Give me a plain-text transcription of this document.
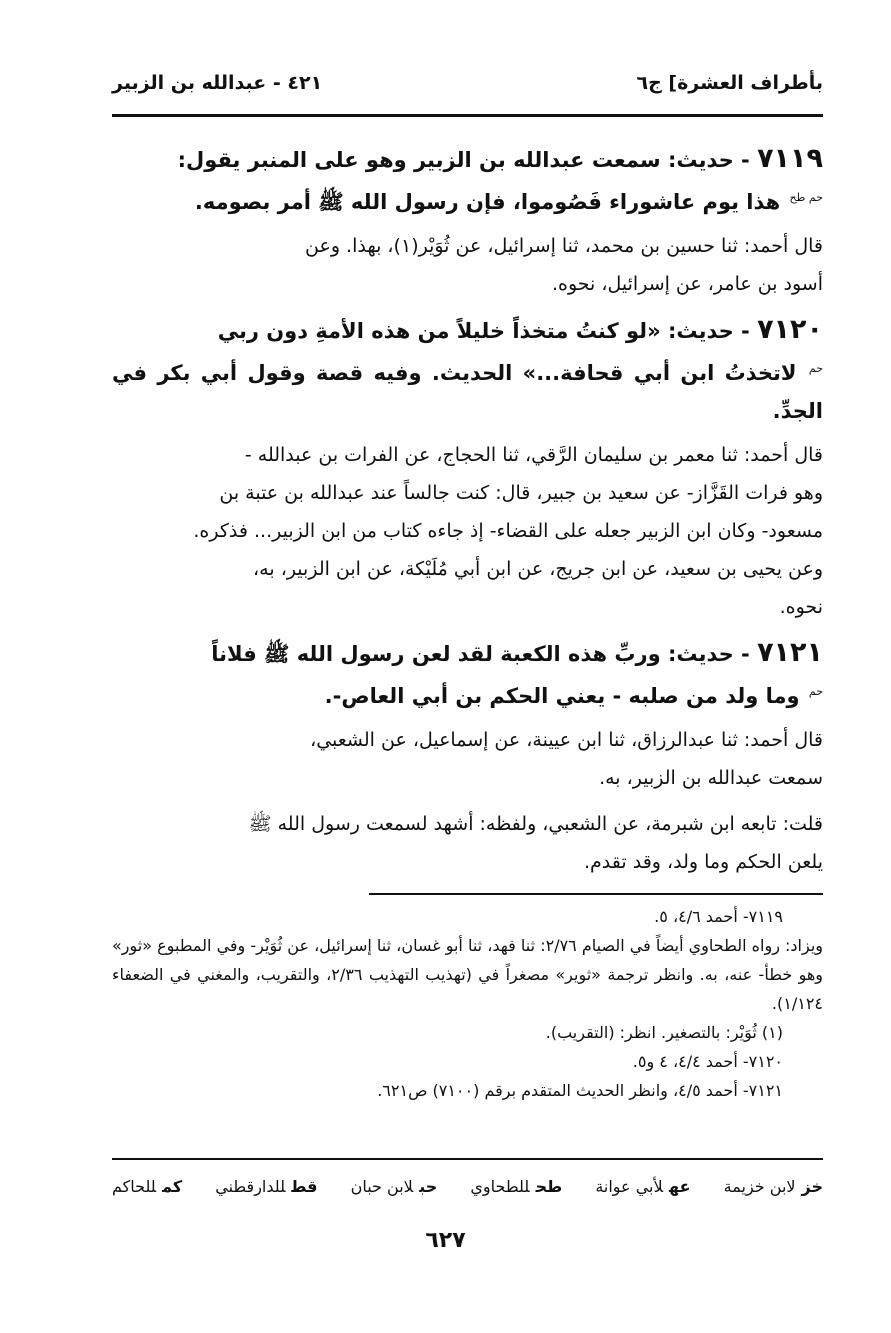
بأطراف العشرة] ج٦
٤٢١ - عبدالله بن الزبير

٧١١٩ - حديث: سمعت عبدالله بن الزبير وهو على المنبر يقول:
$^{حم طح}$ هذا يوم عاشوراء فَصُوموا، فإن رسول الله ﷺ أمر بصومه.

قال أحمد: ثنا حسين بن محمد، ثنا إسرائيل، عن ثُوَيْر(١)، بهذا. وعن
أسود بن عامر، عن إسرائيل، نحوه.

٧١٢٠ - حديث: «لو كنتُ متخذاً خليلاً من هذه الأمةِ دون ربي
$^{حم}$ لاتخذتُ ابن أبي قحافة...» الحديث. وفيه قصة وقول أبي بكر في الجدِّ.

قال أحمد: ثنا معمر بن سليمان الرَّقي، ثنا الحجاج، عن الفرات بن عبدالله -
وهو فرات القَزَّاز- عن سعيد بن جبير، قال: كنت جالساً عند عبدالله بن عتبة بن
مسعود- وكان ابن الزبير جعله على القضاء- إذ جاءه كتاب من ابن الزبير... فذكره.
وعن يحيى بن سعيد، عن ابن جريج، عن ابن أبي مُلَيْكة، عن ابن الزبير، به،
نحوه.

٧١٢١ - حديث: وربِّ هذه الكعبة لقد لعن رسول الله ﷺ فلاناً
$^{حم}$ وما ولد من صلبه - يعني الحكم بن أبي العاص-.

قال أحمد: ثنا عبدالرزاق، ثنا ابن عيينة، عن إسماعيل، عن الشعبي،
سمعت عبدالله بن الزبير، به.

قلت: تابعه ابن شبرمة، عن الشعبي، ولفظه: أشهد لسمعت رسول الله ﷺ
يلعن الحكم وما ولد، وقد تقدم.

٧١١٩- أحمد ٤/٦، ٥.

ويزاد: رواه الطحاوي أيضاً في الصيام ٢/٧٦: ثنا فهد، ثنا أبو غسان، ثنا إسرائيل، عن ثُوَيْر- وفي المطبوع «ثور» وهو خطأ- عنه، به. وانظر ترجمة «ثوير» مصغراً في (تهذيب التهذيب ٢/٣٦، والتقريب، والمغني في الضعفاء ١/١٢٤).

(١) ثُوَيْر: بالتصغير. انظر: (التقريب).

٧١٢٠- أحمد ٤/٤، ٤ و٥.

٧١٢١- أحمد ٤/٥، وانظر الحديث المتقدم برقم (٧١٠٠) ص٦٢١.

خزلابن خزيمة
عهلأبي عوانة
طحللطحاوي
حبلابن حبان
قطللدارقطني
كمللحاكم
٦٢٧
